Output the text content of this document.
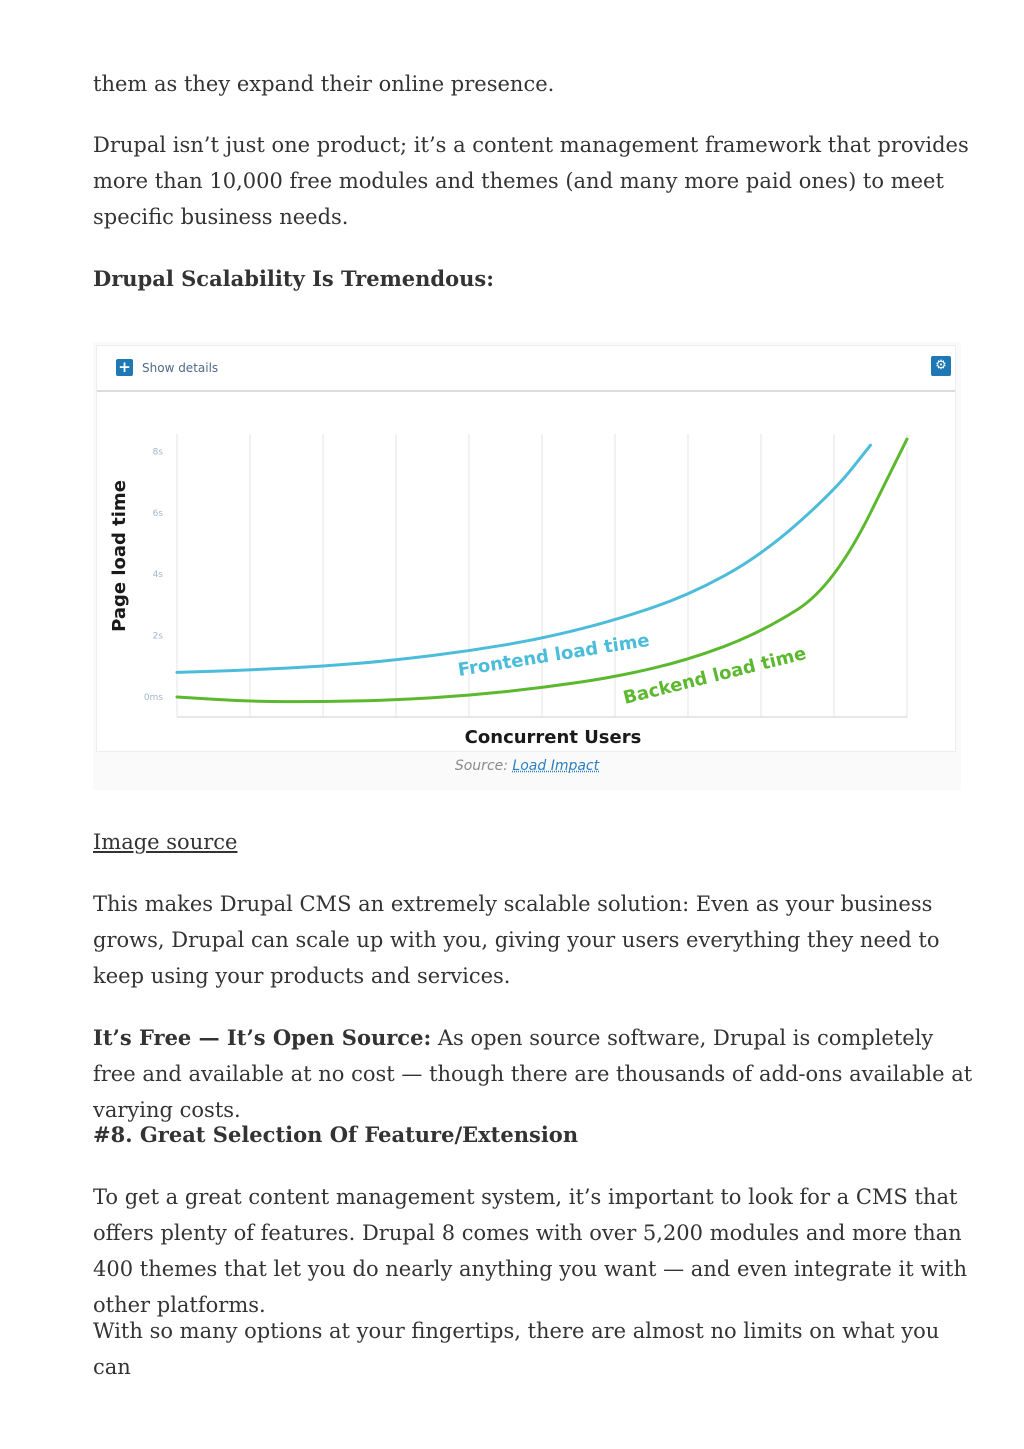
them as they expand their online presence.

Drupal isn’t just one product; it’s a content management framework that provides more than 10,000 free modules and themes (and many more paid ones) to meet specific business needs.

Drupal Scalability Is Tremendous:

+ Show details	⚙
0ms
2s
4s
6s
8s
Page load time
Concurrent Users
Frontend load time
Backend load time
Source: Load Impact

Image source

This makes Drupal CMS an extremely scalable solution: Even as your business grows, Drupal can scale up with you, giving your users everything they need to keep using your products and services.

It’s Free — It’s Open Source: As open source software, Drupal is completely free and available at no cost — though there are thousands of add-ons available at varying costs.

#8. Great Selection Of Feature/Extension

To get a great content management system, it’s important to look for a CMS that offers plenty of features. Drupal 8 comes with over 5,200 modules and more than 400 themes that let you do nearly anything you want — and even integrate it with other platforms.

With so many options at your fingertips, there are almost no limits on what you can
